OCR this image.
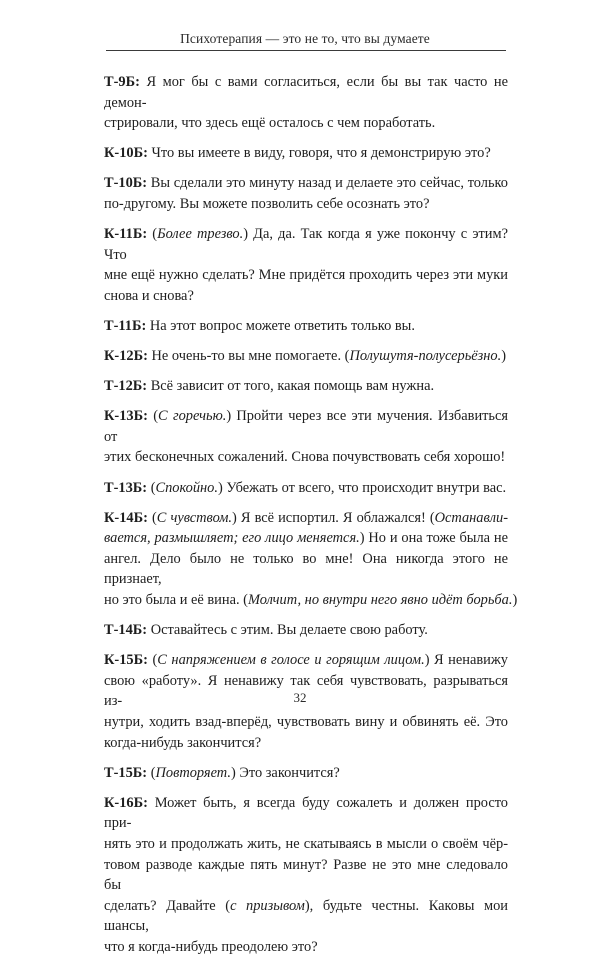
Психотерапия — это не то, что вы думаете

Т-9Б: Я мог бы с вами согласиться, если бы вы так часто не демон-
стрировали, что здесь ещё осталось с чем поработать.

К-10Б: Что вы имеете в виду, говоря, что я демонстрирую это?

Т-10Б: Вы сделали это минуту назад и делаете это сейчас, только
по-другому. Вы можете позволить себе осознать это?

К-11Б: (Более трезво.) Да, да. Так когда я уже покончу с этим? Что
мне ещё нужно сделать? Мне придётся проходить через эти муки
снова и снова?

Т-11Б: На этот вопрос можете ответить только вы.

К-12Б: Не очень-то вы мне помогаете. (Полушутя-полусерьёзно.)

Т-12Б: Всё зависит от того, какая помощь вам нужна.

К-13Б: (С горечью.) Пройти через все эти мучения. Избавиться от
этих бесконечных сожалений. Снова почувствовать себя хорошо!

Т-13Б: (Спокойно.) Убежать от всего, что происходит внутри вас.

К-14Б: (С чувством.) Я всё испортил. Я облажался! (Останавли-
вается, размышляет; его лицо меняется.) Но и она тоже была не
ангел. Дело было не только во мне! Она никогда этого не признает,
но это была и её вина. (Молчит, но внутри него явно идёт борьба.)

Т-14Б: Оставайтесь с этим. Вы делаете свою работу.

К-15Б: (С напряжением в голосе и горящим лицом.) Я ненавижу
свою «работу». Я ненавижу так себя чувствовать, разрываться из-
нутри, ходить взад-вперёд, чувствовать вину и обвинять её. Это
когда-нибудь закончится?

Т-15Б: (Повторяет.) Это закончится?

К-16Б: Может быть, я всегда буду сожалеть и должен просто при-
нять это и продолжать жить, не скатываясь в мысли о своём чёр-
товом разводе каждые пять минут? Разве не это мне следовало бы
сделать? Давайте (с призывом), будьте честны. Каковы мои шансы,
что я когда-нибудь преодолею это?

32
